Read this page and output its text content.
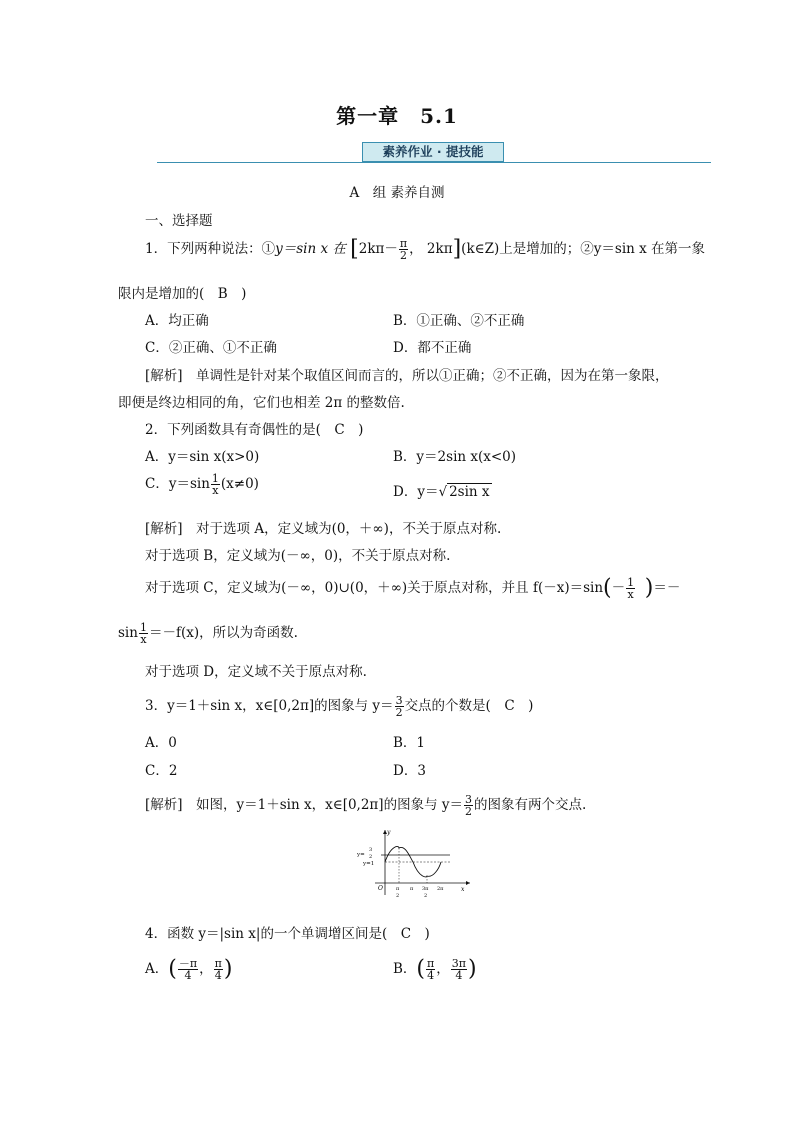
第一章　5.1
素养作业 · 提技能
A　组 素养自测
一、选择题
1．下列两种说法：①y＝sin x 在 [$2k\pi- \frac{\pi}{2}$ ， 2kπ](k∈Z)上是增加的；②y＝sin x 在第一象
限内是增加的(　B　)
A．均正确	B．①正确、②不正确
C．②正确、①不正确	D．都不正确
[解析]　单调性是针对某个取值区间而言的，所以①正确；②不正确，因为在第一象限，
即便是终边相同的角，它们也相差 2π 的整数倍.
2．下列函数具有奇偶性的是(　C　)
A．y＝sin x(x>0)	B．y＝2sin x(x<0)
C．$y=\sin \frac{1}{x} (x\ne 0)$	D．y＝√ 2sin x
[解析]　对于选项 A，定义域为(0，＋∞)，不关于原点对称.
对于选项 B，定义域为(－∞，0)，不关于原点对称.
对于选项 C，定义域为(－∞，0)∪(0，＋∞)关于原点对称，并且 $f(-x)=\sin(- \frac{1}{x}$ )＝－
$\sin \frac{1}{x} =-f(x)$，所以为奇函数.
对于选项 D，定义域不关于原点对称.
3．y＝1＋sin x，x∈[0,2π]的图象与 $y= \frac{3}{2}$ 交点的个数是(　C　)
A．0	B．1
C．2	D．3
[解析]　如图，y＝1＋sin x，x∈[0,2π]的图象与 $y= \frac{3}{2}$ 的图象有两个交点.
y
x
O
y=
3
2
y=1
π
2
π 3π
2
2π
4．函数 y＝|sin x|的一个单调增区间是(　C　)
A．( $\frac{-\pi}{4}$ ， $\frac{\pi}{4}$ )	B．( $\frac{\pi}{4}$ ， $\frac{3\pi}{4}$ )
